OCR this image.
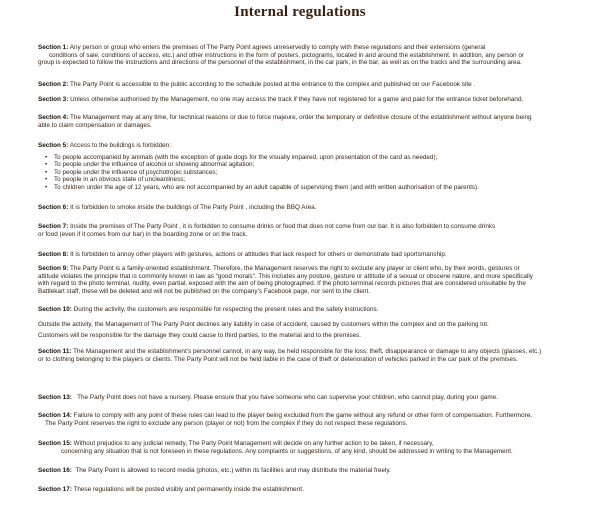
Internal regulations
Section 1: Any person or group who enters the premises of The Party Point agrees unreservedly to comply with these regulations and their extensions (general
conditions of sale, conditions of access, etc.) and other instructions in the form of posters, pictograms, located in and around the establishment. In addition, any person or
group is expected to follow the instructions and directions of the personnel of the establishment, in the car park, in the bar, as well as on the tracks and the surrounding area.
Section 2: The Party Point is accessible to the public according to the schedule posted at the entrance to the complex and published on our Facebook site .
Section 3: Unless otherwise authorised by the Management, no one may access the track if they have not registered for a game and paid for the entrance ticket beforehand.
Section 4: The Management may at any time, for technical reasons or due to force majeure, order the temporary or definitive closure of the establishment without anyone being
able to claim compensation or damages.
Section 5: Access to the buildings is forbidden:
• To people accompanied by animals (with the exception of guide dogs for the visually impaired, upon presentation of the card as needed);
• To people under the influence of alcohol or showing abnormal agitation;
• To people under the influence of psychotropic substances;
• To people in an obvious state of uncleanliness;
• To children under the age of 12 years, who are not accompanied by an adult capable of supervising them (and with written authorisation of the parents).
Section 6: It is forbidden to smoke inside the buildings of The Party Point , including the BBQ Area.
Section 7: Inside the premises of The Party Point , it is forbidden to consume drinks or food that does not come from our bar. It is also forbidden to consume drinks
or food (even if it comes from our bar) in the boarding zone or on the track.
Section 8: It is forbidden to annoy other players with gestures, actions or attitudes that lack respect for others or demonstrate bad sportsmanship.
Section 9: The Party Point is a family-oriented establishment. Therefore, the Management reserves the right to exclude any player or client who, by their words, gestures or
attitude violates the principle that is commonly known in law as “good morals”. This includes any posture, gesture or attitude of a sexual or obscene nature, and more specifically
with regard to the photo terminal, nudity, even partial, exposed with the aim of being photographed. If the photo terminal records pictures that are considered unsuitable by the
Battlekart staff, these will be deleted and will not be published on the company’s Facebook page, nor sent to the client.
Section 10: During the activity, the customers are responsible for respecting the present rules and the safety instructions.
Outside the activity, the Management of The Party Point declines any liability in case of accident, caused by customers within the complex and on the parking lot.
Customers will be responsible for the damage they could cause to third parties, to the material and to the premises.
Section 11: The Management and the establishment’s personnel cannot, in any way, be held responsible for the loss, theft, disappearance or damage to any objects (glasses, etc.)
or to clothing belonging to the players or clients. The Party Point will not be held liable in the case of theft or deterioration of vehicles parked in the car park of the premises.
Section 13: The Party Point does not have a nursery. Please ensure that you have someone who can supervise your children, who cannot play, during your game.
Section 14: Failure to comply with any point of these rules can lead to the player being excluded from the game without any refund or other form of compensation. Furthermore,
The Party Point reserves the right to exclude any person (player or not) from the complex if they do not respect these regulations.
Section 15: Without prejudice to any judicial remedy, The Party Point Management will decide on any further action to be taken, if necessary,
concerning any situation that is not foreseen in these regulations. Any complaints or suggestions, of any kind, should be addressed in writing to the Management.
Section 16: The Party Point is allowed to record media (photos, etc.) within its facilities and may distribute the material freely.
Section 17: These regulations will be posted visibly and permanently inside the establishment.
